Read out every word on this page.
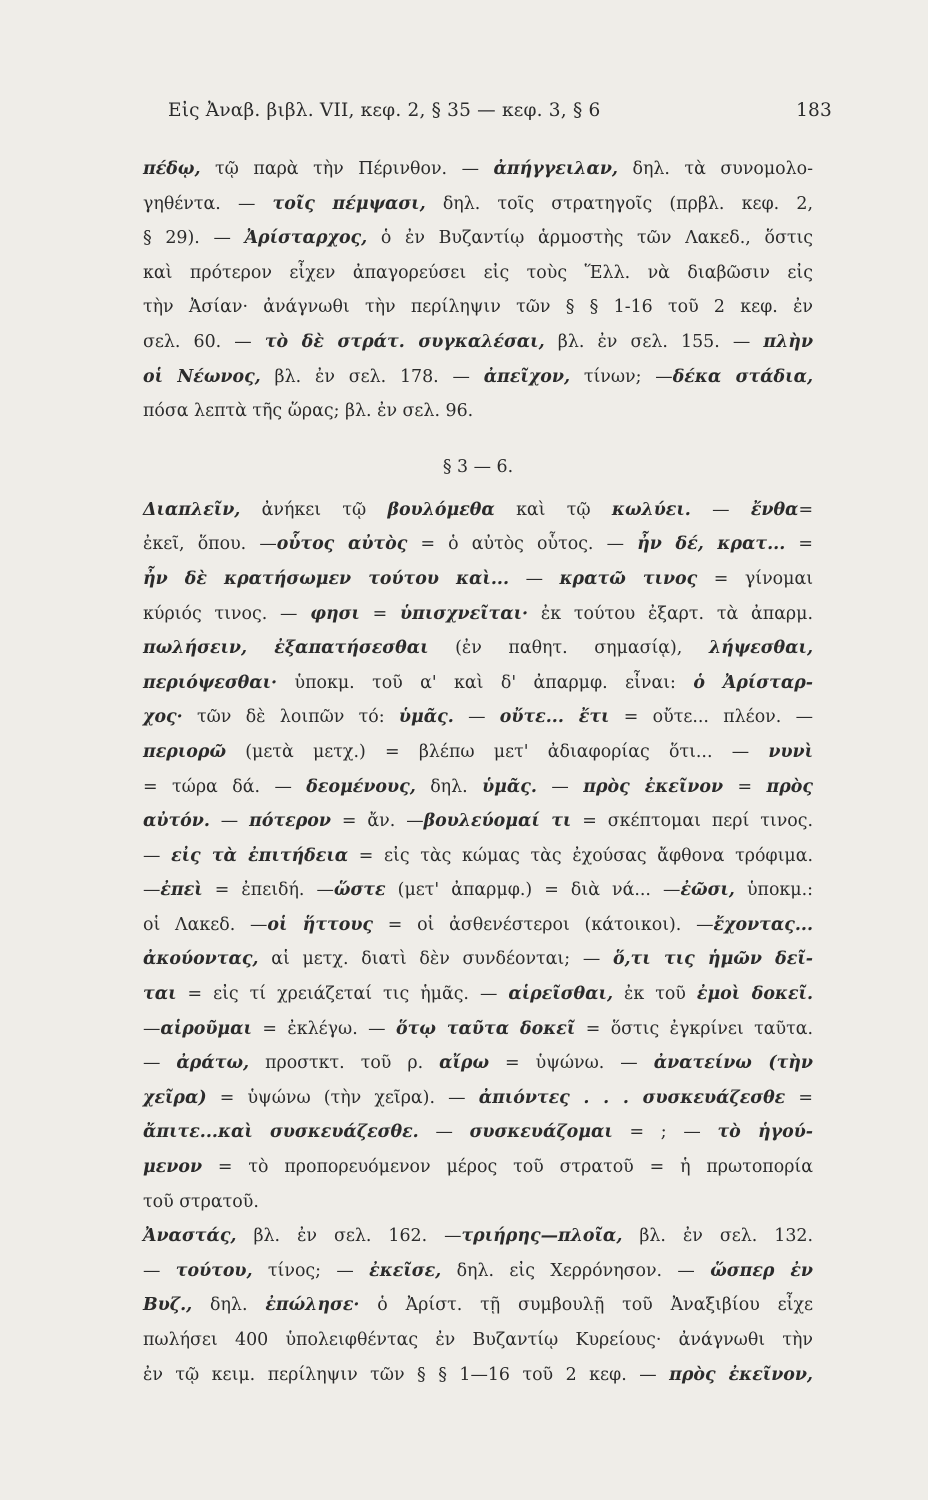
Εἰς Ἀναβ. βιβλ. VII, κεφ. 2, § 35 — κεφ. 3, § 6	183
πέδῳ, τῷ παρὰ τὴν Πέρινθον. — ἀπήγγειλαν, δηλ. τὰ συνομολο-
γηθέντα. — τοῖς πέμψασι, δηλ. τοῖς στρατηγοῖς (πρβλ. κεφ. 2,
§ 29). — Ἀρίσταρχος, ὁ ἐν Βυζαντίῳ ἁρμοστὴς τῶν Λακεδ., ὅστις
καὶ πρότερον εἶχεν ἀπαγορεύσει εἰς τοὺς Ἕλλ. νὰ διαβῶσιν εἰς
τὴν Ἀσίαν· ἀνάγνωθι τὴν περίληψιν τῶν § § 1-16 τοῦ 2 κεφ. ἐν
σελ. 60. — τὸ δὲ στράτ. συγκαλέσαι, βλ. ἐν σελ. 155. — πλὴν
οἱ Νέωνος, βλ. ἐν σελ. 178. — ἀπεῖχον, τίνων; —δέκα στάδια,
πόσα λεπτὰ τῆς ὥρας; βλ. ἐν σελ. 96.
§ 3 — 6.
Διαπλεῖν, ἀνήκει τῷ βουλόμεθα καὶ τῷ κωλύει. — ἔνθα=
ἐκεῖ, ὅπου. —οὗτος αὐτὸς = ὁ αὐτὸς οὗτος. — ἦν δέ, κρατ... =
ἦν δὲ κρατήσωμεν τούτου καὶ... — κρατῶ τινος = γίνομαι
κύριός τινος. — φησι = ὑπισχνεῖται· ἐκ τούτου ἐξαρτ. τὰ ἀπαρμ.
πωλήσειν, ἐξαπατήσεσθαι (ἐν παθητ. σημασίᾳ), λήψεσθαι,
περιόψεσθαι· ὑποκμ. τοῦ α' καὶ δ' ἀπαρμφ. εἶναι: ὁ Ἀρίσταρ-
χος· τῶν δὲ λοιπῶν τό: ὑμᾶς. — οὔτε... ἔτι = οὔτε... πλέον. —
περιορῶ (μετὰ μετχ.) = βλέπω μετ' ἀδιαφορίας ὅτι... — νυνὶ
= τώρα δά. — δεομένους, δηλ. ὑμᾶς. — πρὸς ἐκεῖνον = πρὸς
αὐτόν. — πότερον = ἄν. —βουλεύομαί τι = σκέπτομαι περί τινος.
— εἰς τὰ ἐπιτήδεια = εἰς τὰς κώμας τὰς ἐχούσας ἄφθονα τρόφιμα.
—ἐπεὶ = ἐπειδή. —ὥστε (μετ' ἀπαρμφ.) = διὰ νά... —ἐῶσι, ὑποκμ.:
οἱ Λακεδ. —οἱ ἥττους = οἱ ἀσθενέστεροι (κάτοικοι). —ἔχοντας...
ἀκούοντας, αἱ μετχ. διατὶ δὲν συνδέονται; — ὅ,τι τις ἡμῶν δεῖ-
ται = εἰς τί χρειάζεταί τις ἡμᾶς. — αἱρεῖσθαι, ἐκ τοῦ ἐμοὶ δοκεῖ.
—αἱροῦμαι = ἐκλέγω. — ὅτῳ ταῦτα δοκεῖ = ὅστις ἐγκρίνει ταῦτα.
— ἀράτω, προστκτ. τοῦ ρ. αἴρω = ὑψώνω. — ἀνατείνω (τὴν
χεῖρα) = ὑψώνω (τὴν χεῖρα). — ἀπιόντες . . . συσκευάζεσθε =
ἄπιτε...καὶ συσκευάζεσθε. — συσκευάζομαι = ; — τὸ ἡγού-
μενον = τὸ προπορευόμενον μέρος τοῦ στρατοῦ = ἡ πρωτοπορία
τοῦ στρατοῦ.
Ἀναστάς, βλ. ἐν σελ. 162. —τριήρης—πλοῖα, βλ. ἐν σελ. 132.
— τούτου, τίνος; — ἐκεῖσε, δηλ. εἰς Χερρόνησον. — ὥσπερ ἐν
Βυζ., δηλ. ἐπώλησε· ὁ Ἀρίστ. τῇ συμβουλῇ τοῦ Ἀναξιβίου εἶχε
πωλήσει 400 ὑπολειφθέντας ἐν Βυζαντίῳ Κυρείους· ἀνάγνωθι τὴν
ἐν τῷ κειμ. περίληψιν τῶν § § 1—16 τοῦ 2 κεφ. — πρὸς ἐκεῖνον,
